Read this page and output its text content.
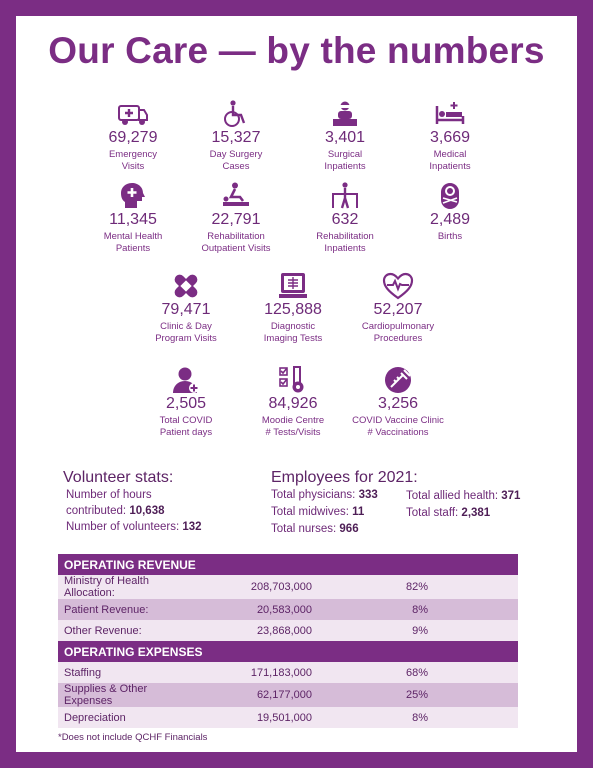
Our Care — by the numbers
69,279
Emergency
Visits
15,327
Day Surgery
Cases
3,401
Surgical
Inpatients
3,669
Medical
Inpatients
11,345
Mental Health
Patients
22,791
Rehabilitation
Outpatient Visits
632
Rehabilitation
Inpatients
2,489
Births
79,471
Clinic & Day
Program Visits
125,888
Diagnostic
Imaging Tests
52,207
Cardiopulmonary
Procedures
2,505
Total COVID
Patient days
84,926
Moodie Centre
# Tests/Visits
3,256
COVID Vaccine Clinic
# Vaccinations
Volunteer stats:
Number of hours
contributed: 10,638
Number of volunteers: 132
Employees for 2021:
Total physicians: 333
Total midwives: 11
Total nurses: 966
Total allied health: 371
Total staff: 2,381
OPERATING REVENUE		
Ministry of Health Allocation:	208,703,000	82%
Patient Revenue:	20,583,000	8%
Other Revenue:	23,868,000	9%
OPERATING EXPENSES		
Staffing	171,183,000	68%
Supplies & Other Expenses	62,177,000	25%
Depreciation	19,501,000	8%
*Does not include QCHF Financials
